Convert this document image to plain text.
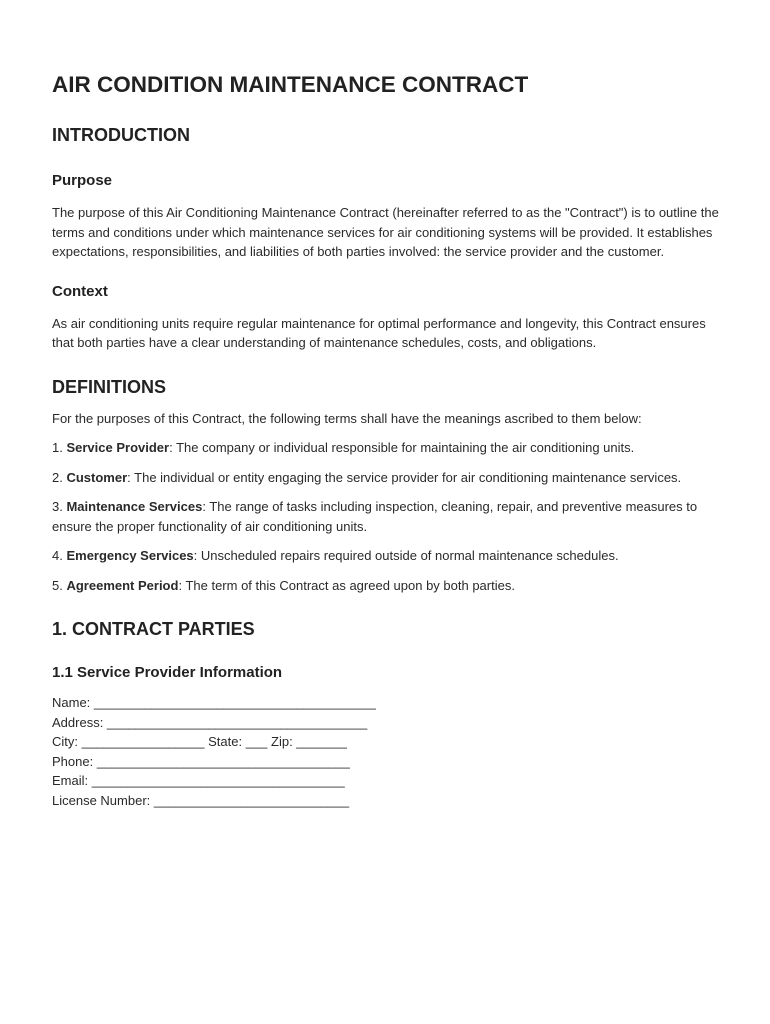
AIR CONDITION MAINTENANCE CONTRACT
INTRODUCTION
Purpose

The purpose of this Air Conditioning Maintenance Contract (hereinafter referred to as the "Contract") is to outline the terms and conditions under which maintenance services for air conditioning systems will be provided. It establishes expectations, responsibilities, and liabilities of both parties involved: the service provider and the customer.

Context

As air conditioning units require regular maintenance for optimal performance and longevity, this Contract ensures that both parties have a clear understanding of maintenance schedules, costs, and obligations.

DEFINITIONS

For the purposes of this Contract, the following terms shall have the meanings ascribed to them below:

1. Service Provider: The company or individual responsible for maintaining the air conditioning units.

2. Customer: The individual or entity engaging the service provider for air conditioning maintenance services.

3. Maintenance Services: The range of tasks including inspection, cleaning, repair, and preventive measures to ensure the proper functionality of air conditioning units.

4. Emergency Services: Unscheduled repairs required outside of normal maintenance schedules.

5. Agreement Period: The term of this Contract as agreed upon by both parties.

1. CONTRACT PARTIES
1.1 Service Provider Information
Name: _______________________________________
Address: ____________________________________
City: _________________ State: ___ Zip: _______
Phone: ___________________________________
Email: ___________________________________
License Number: ___________________________
